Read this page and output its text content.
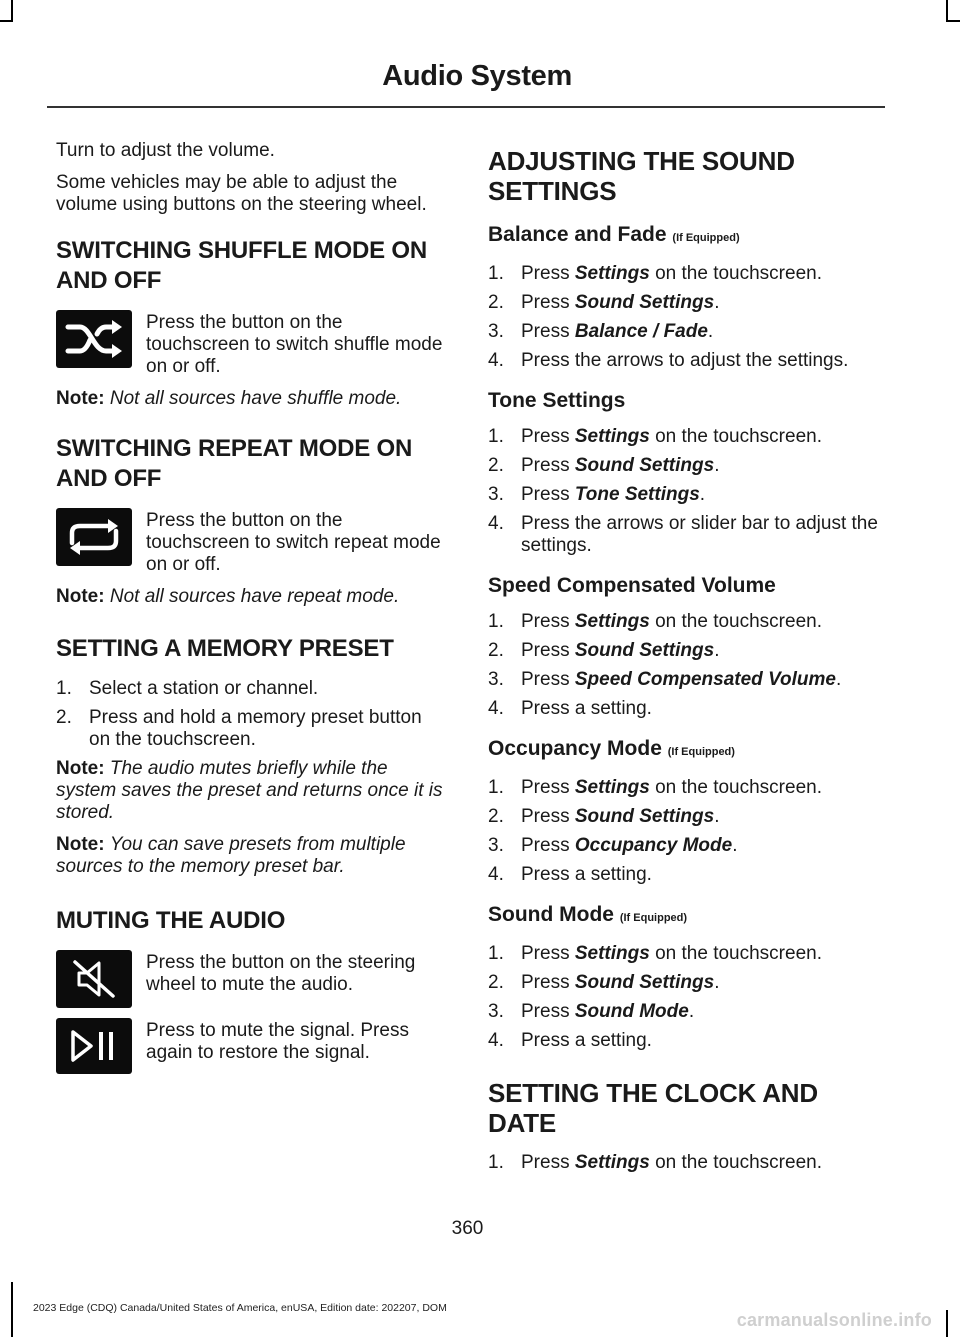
Audio System

Turn to adjust the volume.

Some vehicles may be able to adjust the volume using buttons on the steering wheel.

SWITCHING SHUFFLE MODE ON AND OFF
Press the button on the touchscreen to switch shuffle mode on or off.

Note: Not all sources have shuffle mode.

SWITCHING REPEAT MODE ON AND OFF
Press the button on the touchscreen to switch repeat mode on or off.

Note: Not all sources have repeat mode.

SETTING A MEMORY PRESET
1. Select a station or channel.
2. Press and hold a memory preset button on the touchscreen.

Note: The audio mutes briefly while the system saves the preset and returns once it is stored.

Note: You can save presets from multiple sources to the memory preset bar.

MUTING THE AUDIO
Press the button on the steering wheel to mute the audio.
Press to mute the signal. Press again to restore the signal.
ADJUSTING THE SOUND SETTINGS
Balance and Fade (If Equipped)
1. Press Settings on the touchscreen.
2. Press Sound Settings.
3. Press Balance / Fade.
4. Press the arrows to adjust the settings.
Tone Settings
1. Press Settings on the touchscreen.
2. Press Sound Settings.
3. Press Tone Settings.
4. Press the arrows or slider bar to adjust the settings.
Speed Compensated Volume
1. Press Settings on the touchscreen.
2. Press Sound Settings.
3. Press Speed Compensated Volume.
4. Press a setting.
Occupancy Mode (If Equipped)
1. Press Settings on the touchscreen.
2. Press Sound Settings.
3. Press Occupancy Mode.
4. Press a setting.
Sound Mode (If Equipped)
1. Press Settings on the touchscreen.
2. Press Sound Settings.
3. Press Sound Mode.
4. Press a setting.
SETTING THE CLOCK AND DATE
1. Press Settings on the touchscreen.
360
2023 Edge (CDQ) Canada/United States of America, enUSA, Edition date: 202207, DOM
carmanualsonline.info
